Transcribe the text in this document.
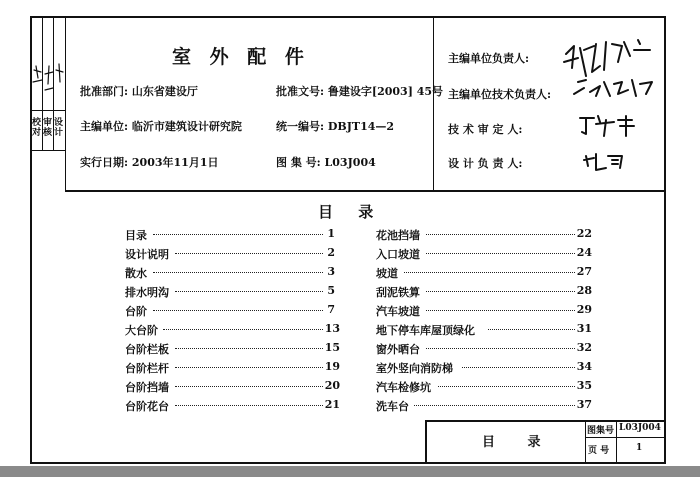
校对
审核
设计
室 外 配 件
批准部门: 山东省建设厅	批准文号: 鲁建设字[2003] 45号
主编单位: 临沂市建筑设计研究院	统一编号: DBJT14—2
实行日期: 2003年11月1日	图 集 号: L03J004
主编单位负责人:
主编单位技术负责人:
技 术 审 定 人:
设 计 负 责 人:
目 录
目录	1
设计说明	2
散水	3
排水明沟	5
台阶	7
大台阶	13
台阶栏板	15
台阶栏杆	19
台阶挡墙	20
台阶花台	21
花池挡墙	22
入口坡道	24
坡道	27
刮泥铁算	28
汽车坡道	29
地下停车库屋顶绿化	31
窗外晒台	32
室外竖向消防梯	34
汽车检修坑	35
洗车台	37
目 录
图集号 L03J004
页 号	1
